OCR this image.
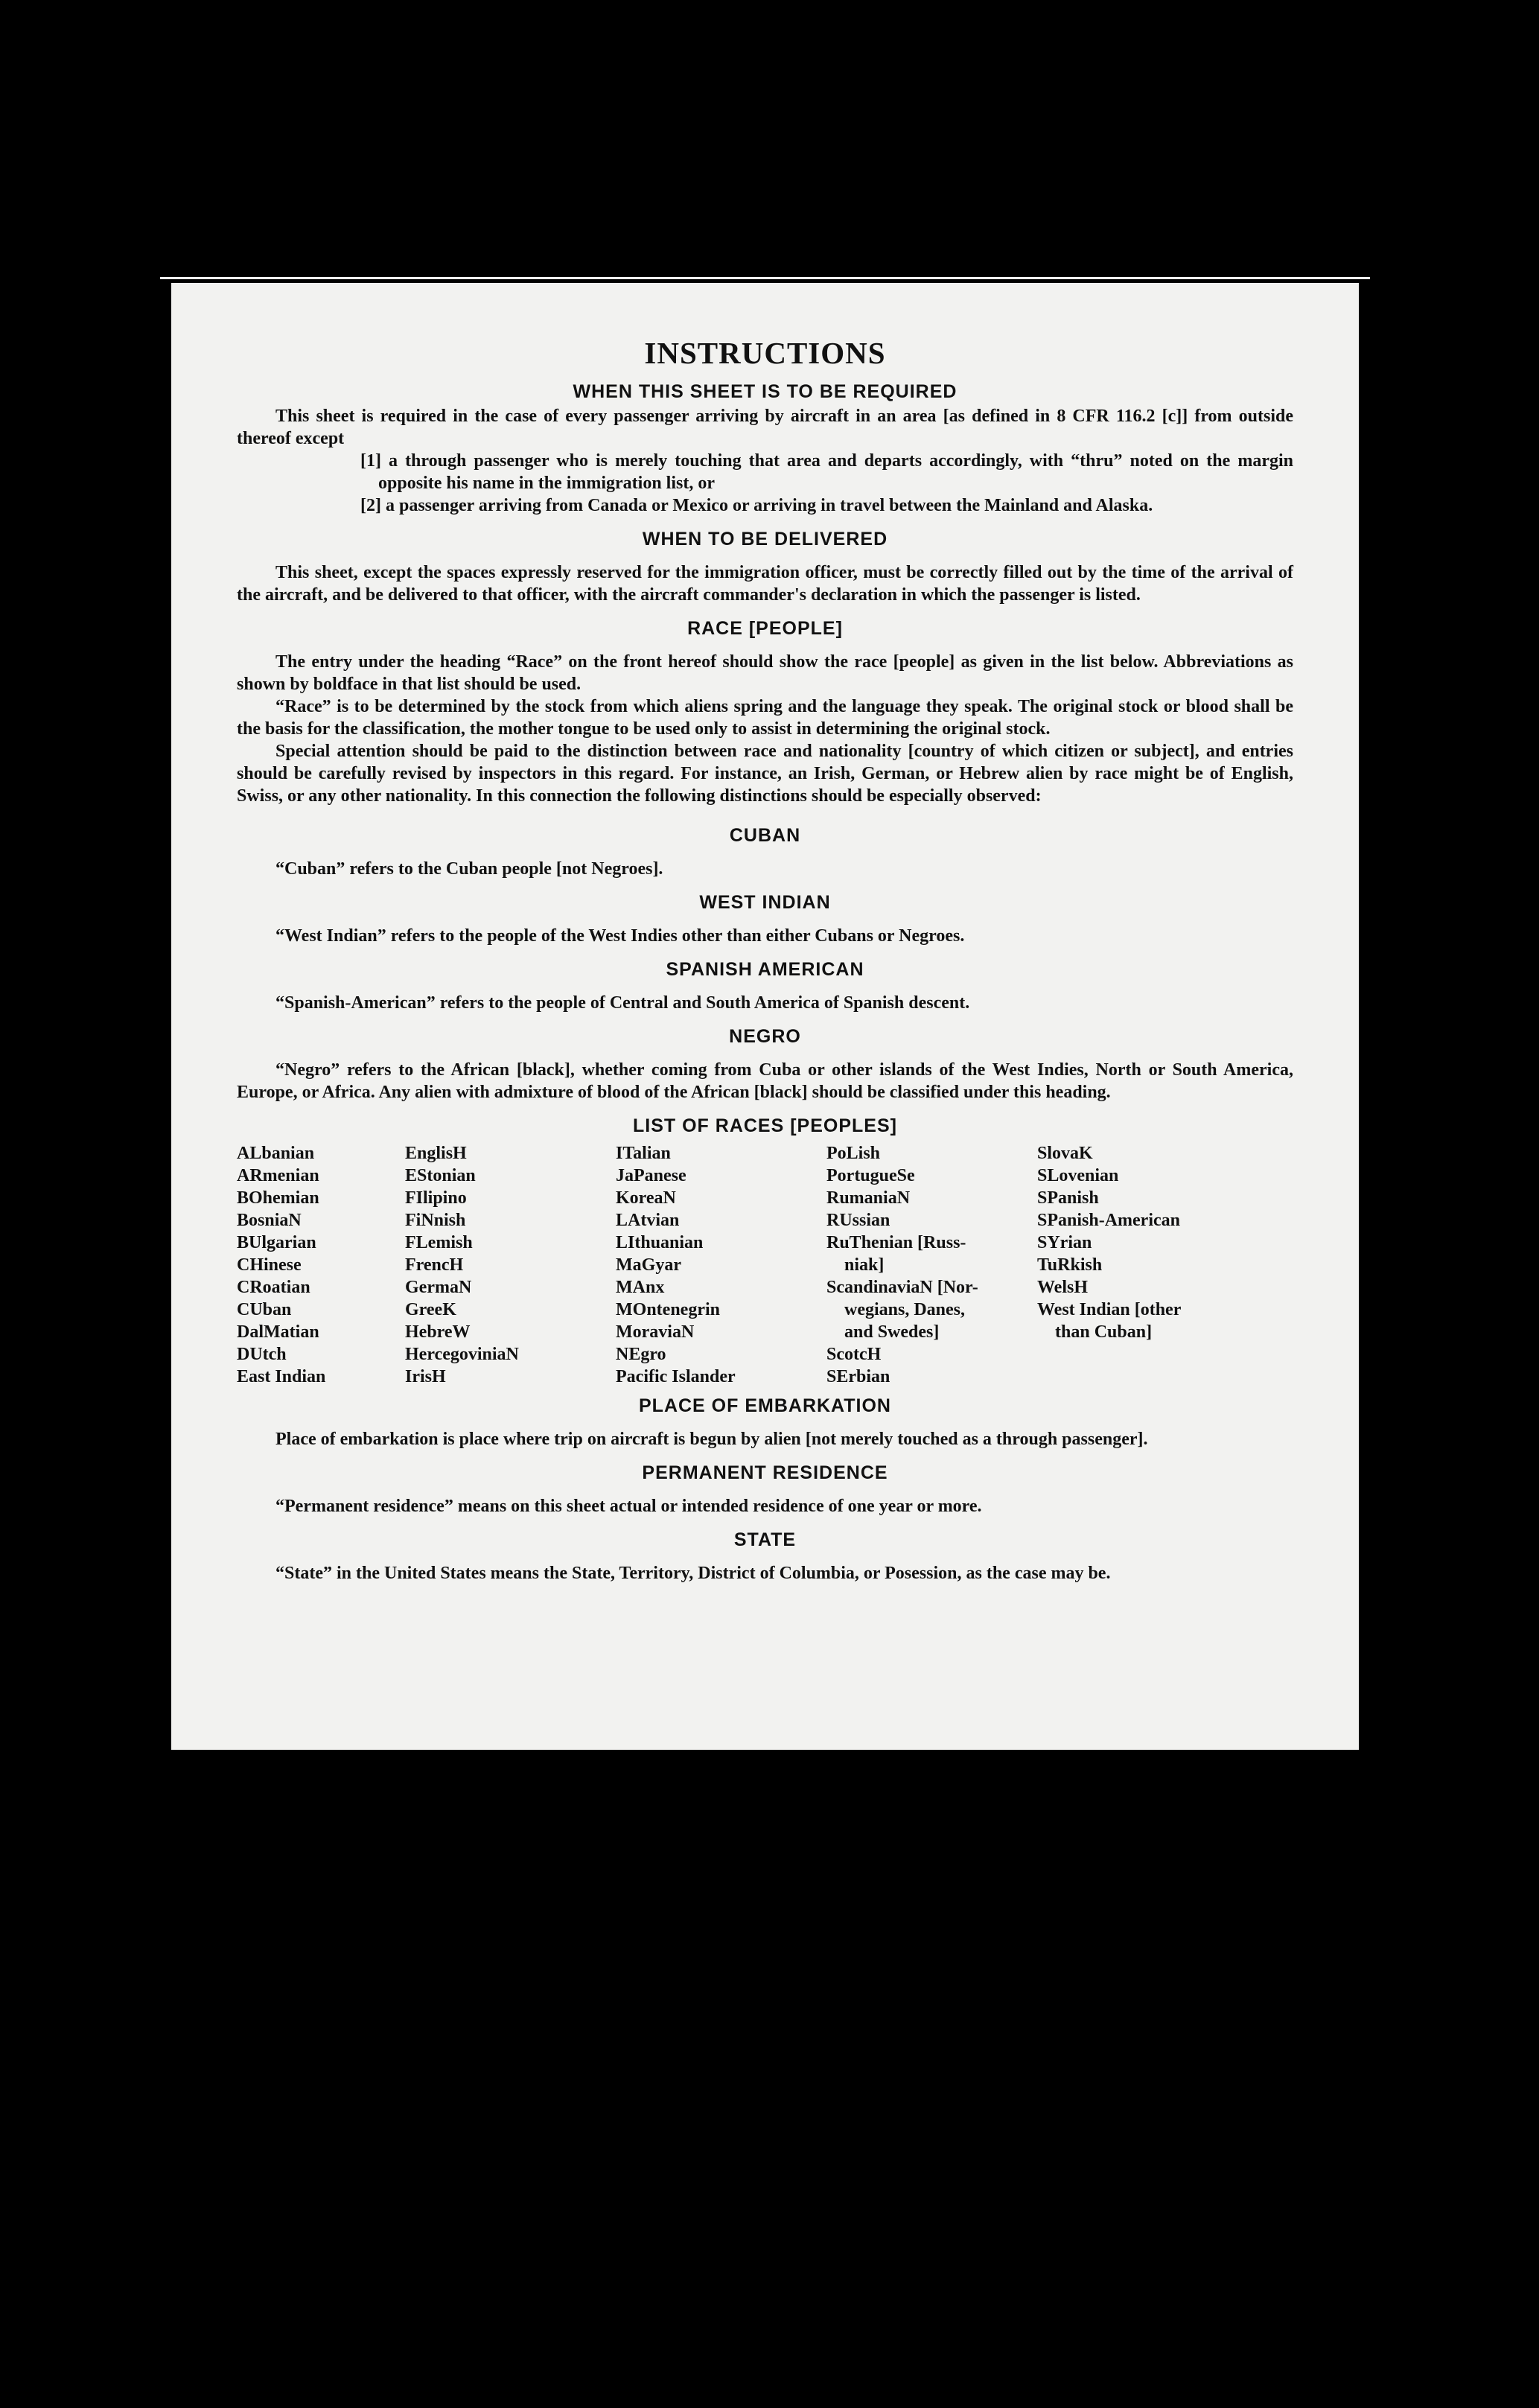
INSTRUCTIONS
WHEN THIS SHEET IS TO BE REQUIRED

This sheet is required in the case of every passenger arriving by aircraft in an area [as defined in 8 CFR 116.2 [c]] from outside thereof except

[1] a through passenger who is merely touching that area and departs accordingly, with “thru” noted on the margin opposite his name in the immigration list, or

[2] a passenger arriving from Canada or Mexico or arriving in travel between the Mainland and Alaska.

WHEN TO BE DELIVERED

This sheet, except the spaces expressly reserved for the immigration officer, must be correctly filled out by the time of the arrival of the aircraft, and be delivered to that officer, with the aircraft commander's declaration in which the passenger is listed.

RACE [PEOPLE]

The entry under the heading “Race” on the front hereof should show the race [people] as given in the list below. Abbreviations as shown by boldface in that list should be used.

“Race” is to be determined by the stock from which aliens spring and the language they speak. The original stock or blood shall be the basis for the classification, the mother tongue to be used only to assist in determining the original stock.

Special attention should be paid to the distinction between race and nationality [country of which citizen or subject], and entries should be carefully revised by inspectors in this regard. For instance, an Irish, German, or Hebrew alien by race might be of English, Swiss, or any other nationality. In this connection the following distinctions should be especially observed:

CUBAN

“Cuban” refers to the Cuban people [not Negroes].

WEST INDIAN

“West Indian” refers to the people of the West Indies other than either Cubans or Negroes.

SPANISH AMERICAN

“Spanish-American” refers to the people of Central and South America of Spanish descent.

NEGRO

“Negro” refers to the African [black], whether coming from Cuba or other islands of the West Indies, North or South America, Europe, or Africa. Any alien with admixture of blood of the African [black] should be classified under this heading.

LIST OF RACES [PEOPLES]
ALbanian
ARmenian
BOhemian
BosniaN
BUlgarian
CHinese
CRoatian
CUban
DalMatian
DUtch
East Indian
EnglisH
EStonian
FIlipino
FiNnish
FLemish
FrencH
GermaN
GreeK
HebreW
HercegoviniaN
IrisH
ITalian
JaPanese
KoreaN
LAtvian
LIthuanian
MaGyar
MAnx
MOntenegrin
MoraviaN
NEgro
Pacific Islander
PoLish
PortugueSe
RumaniaN
RUssian
RuThenian [Russ-
niak]
ScandinaviaN [Nor-
wegians, Danes,
and Swedes]
ScotcH
SErbian
SlovaK
SLovenian
SPanish
SPanish-American
SYrian
TuRkish
WelsH
West Indian [other
than Cuban]
PLACE OF EMBARKATION

Place of embarkation is place where trip on aircraft is begun by alien [not merely touched as a through passenger].

PERMANENT RESIDENCE

“Permanent residence” means on this sheet actual or intended residence of one year or more.

STATE

“State” in the United States means the State, Territory, District of Columbia, or Posession, as the case may be.
